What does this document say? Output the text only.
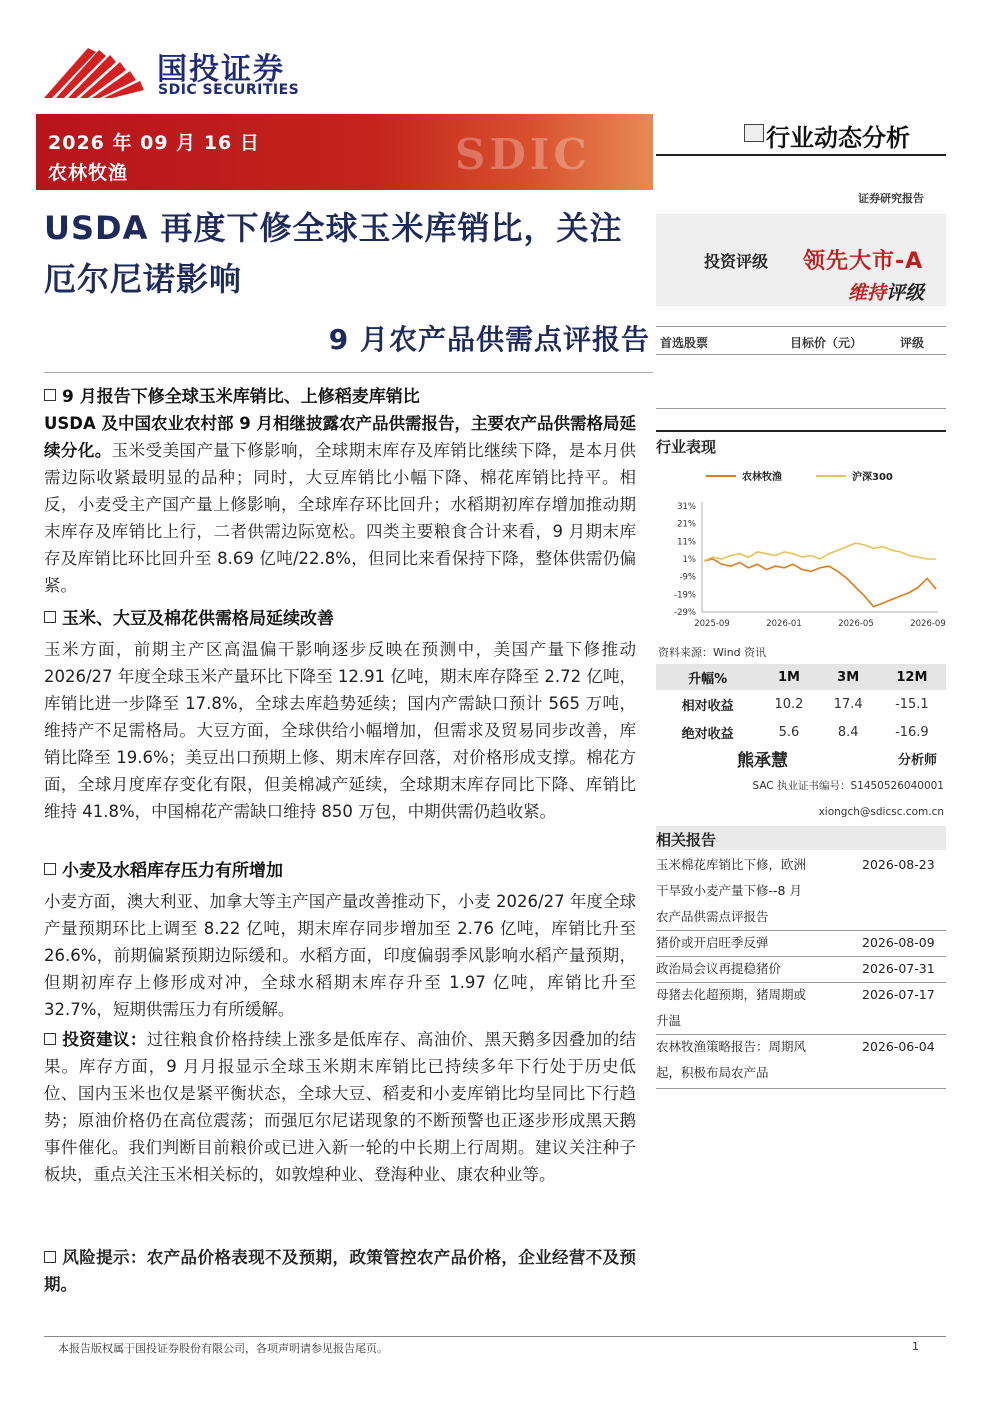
国投证券
SDIC SECURITIES
SDIC
2026 年 09 月 16 日
农林牧渔
行业动态分析
证券研究报告
投资评级 领先大市-A
维持评级
USDA 再度下修全球玉米库销比，关注
厄尔尼诺影响
9 月农产品供需点评报告 首选股票	目标价（元）	评级
9 月报告下修全球玉米库销比、上修稻麦库销比
USDA 及中国农业农村部 9 月相继披露农产品供需报告，主要农产品供需格局延续分化。玉米受美国产量下修影响，全球期末库存及库销比继续下降，是本月供需边际收紧最明显的品种；同时，大豆库销比小幅下降、棉花库销比持平。相反，小麦受主产国产量上修影响，全球库存环比回升；水稻期初库存增加推动期末库存及库销比上行，二者供需边际宽松。四类主要粮食合计来看，9 月期末库存及库销比环比回升至 8.69 亿吨/22.8%，但同比来看保持下降，整体供需仍偏紧。
玉米、大豆及棉花供需格局延续改善
玉米方面，前期主产区高温偏干影响逐步反映在预测中，美国产量下修推动 2026/27 年度全球玉米产量环比下降至 12.91 亿吨，期末库存降至 2.72 亿吨，库销比进一步降至 17.8%，全球去库趋势延续；国内产需缺口预计 565 万吨，维持产不足需格局。大豆方面，全球供给小幅增加，但需求及贸易同步改善，库销比降至 19.6%；美豆出口预期上修、期末库存回落，对价格形成支撑。棉花方面，全球月度库存变化有限，但美棉减产延续，全球期末库存同比下降、库销比维持 41.8%，中国棉花产需缺口维持 850 万包，中期供需仍趋收紧。
小麦及水稻库存压力有所增加
小麦方面，澳大利亚、加拿大等主产国产量改善推动下，小麦 2026/27 年度全球产量预期环比上调至 8.22 亿吨，期末库存同步增加至 2.76 亿吨，库销比升至 26.6%，前期偏紧预期边际缓和。水稻方面，印度偏弱季风影响水稻产量预期，但期初库存上修形成对冲，全球水稻期末库存升至 1.97 亿吨，库销比升至 32.7%，短期供需压力有所缓解。
投资建议：过往粮食价格持续上涨多是低库存、高油价、黑天鹅多因叠加的结果。库存方面，9 月月报显示全球玉米期末库销比已持续多年下行处于历史低位、国内玉米也仅是紧平衡状态，全球大豆、稻麦和小麦库销比均呈同比下行趋势；原油价格仍在高位震荡；而强厄尔尼诺现象的不断预警也正逐步形成黑天鹅事件催化。我们判断目前粮价或已进入新一轮的中长期上行周期。建议关注种子板块，重点关注玉米相关标的，如敦煌种业、登海种业、康农种业等。
风险提示：农产品价格表现不及预期，政策管控农产品价格，企业经营不及预期。
行业表现
农林牧渔	沪深300
31%
21%
11%
1%
-9%
-19%
-29%
2025-09	2026-01	2026-05	2026-09
资料来源：Wind 资讯
升幅%	1M	3M	12M
相对收益	10.2	17.4	-15.1
绝对收益	5.6	8.4	-16.9
熊承慧	分析师
SAC 执业证书编号：S1450526040001
xiongch@sdicsc.com.cn
相关报告
玉米棉花库销比下修，欧洲
干旱致小麦产量下修--8 月
农产品供需点评报告
2026-08-23
猪价或开启旺季反弹	2026-08-09
政治局会议再提稳猪价	2026-07-31
母猪去化超预期，猪周期或
升温
2026-07-17
农林牧渔策略报告：周期风
起，积极布局农产品
2026-06-04
本报告版权属于国投证券股份有限公司，各项声明请参见报告尾页。	1
